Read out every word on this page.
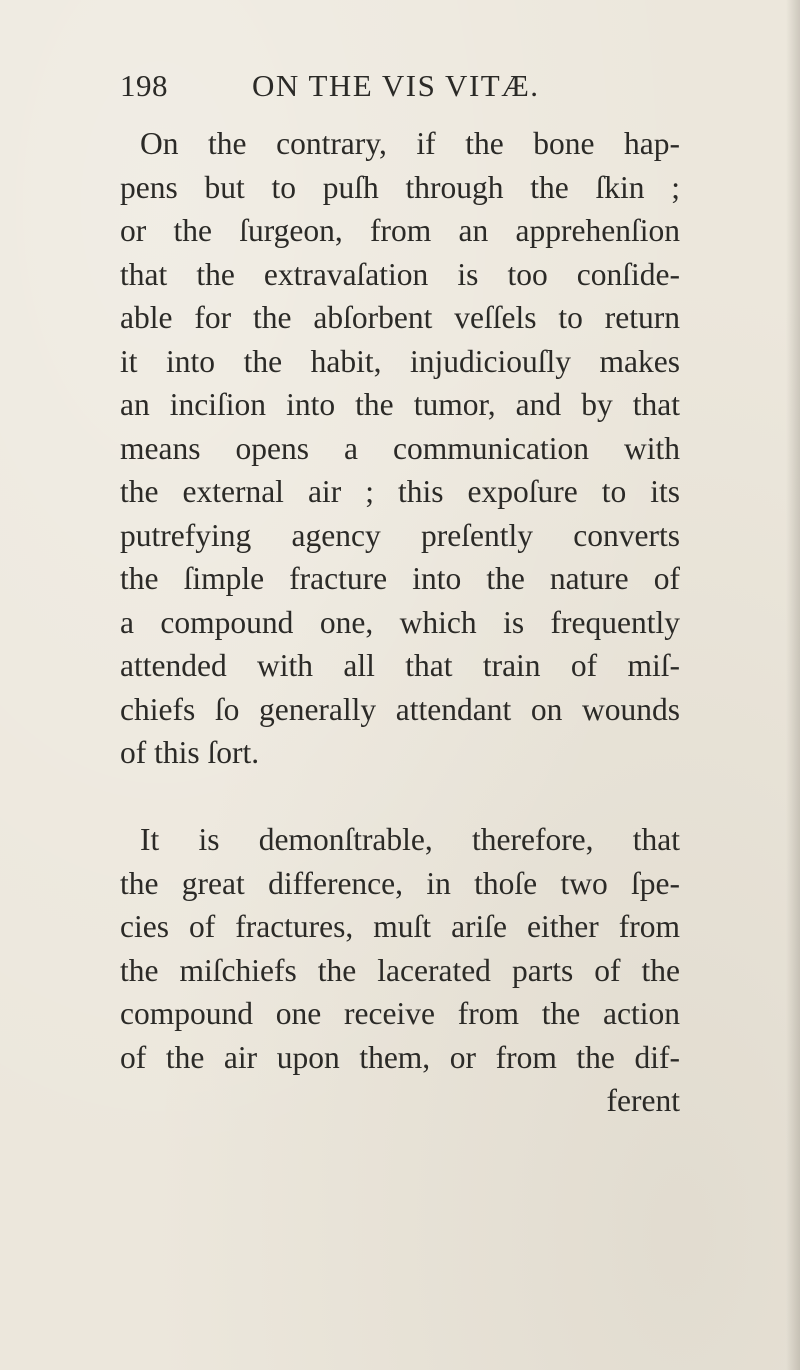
198	ON THE VIS VITÆ.
On the contrary, if the bone hap-
pens but to puſh through the ſkin ;
or the ſurgeon, from an apprehenſion
that the extravaſation is too conſide-
able for the abſorbent veſſels to return
it into the habit, injudiciouſly makes
an inciſion into the tumor, and by that
means opens a communication with
the external air ; this expoſure to its
putrefying agency preſently converts
the ſimple fracture into the nature of
a compound one, which is frequently
attended with all that train of miſ-
chiefs ſo generally attendant on wounds
of this ſort.
It is demonſtrable, therefore, that
the great difference, in thoſe two ſpe-
cies of fractures, muſt ariſe either from
the miſchiefs the lacerated parts of the
compound one receive from the action
of the air upon them, or from the dif-
ferent
